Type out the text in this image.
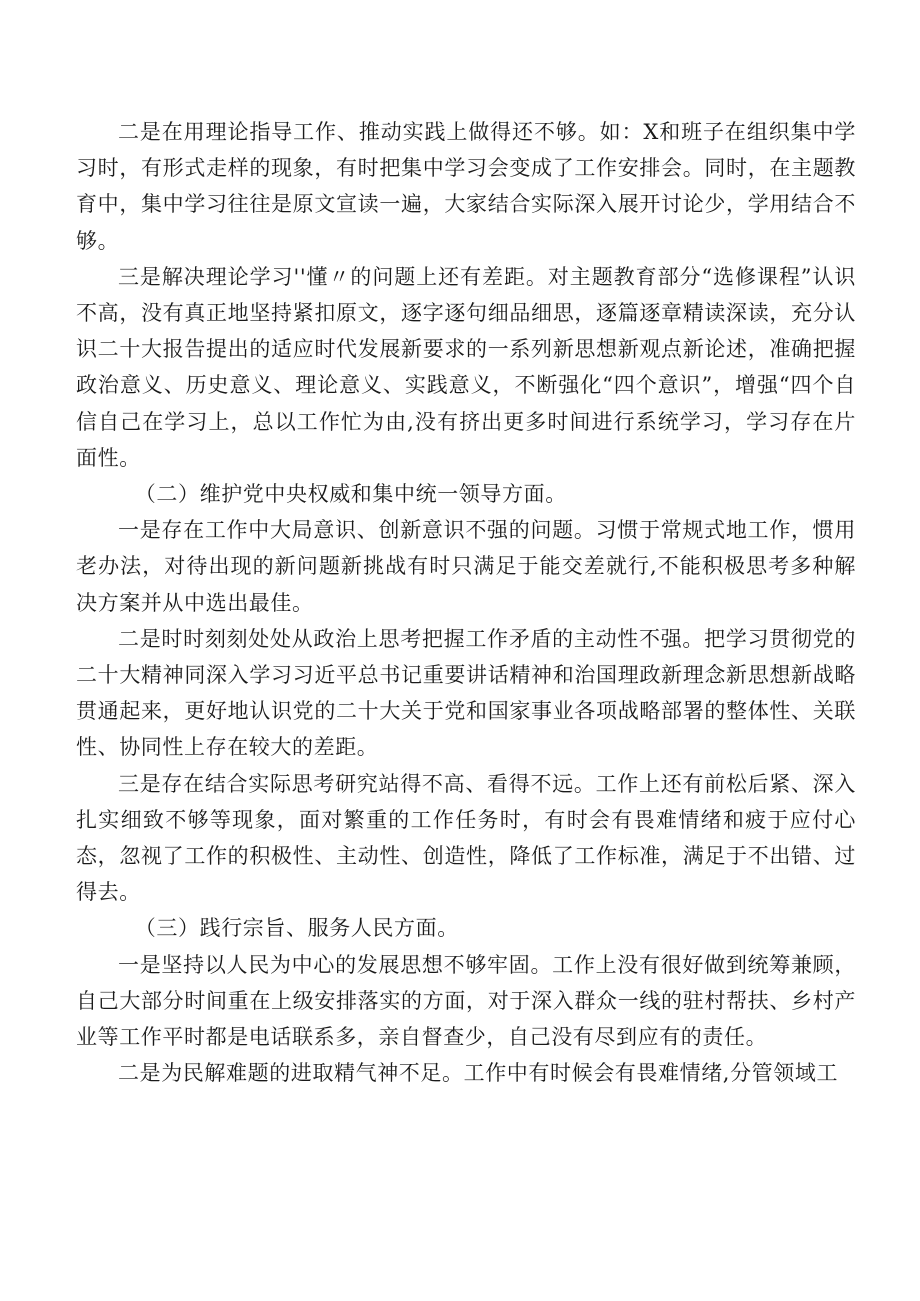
二是在用理论指导工作、推动实践上做得还不够。如：X和班子在组织集中学习时，有形式走样的现象，有时把集中学习会变成了工作安排会。同时，在主题教育中，集中学习往往是原文宣读一遍，大家结合实际深入展开讨论少，学用结合不够。

三是解决理论学习''懂〃的问题上还有差距。对主题教育部分“选修课程”认识不高，没有真正地坚持紧扣原文，逐字逐句细品细思，逐篇逐章精读深读，充分认识二十大报告提出的适应时代发展新要求的一系列新思想新观点新论述，准确把握政治意义、历史意义、理论意义、实践意义，不断强化“四个意识”，增强“四个自信自己在学习上，总以工作忙为由,没有挤出更多时间进行系统学习，学习存在片面性。

（二）维护党中央权威和集中统一领导方面。

一是存在工作中大局意识、创新意识不强的问题。习惯于常规式地工作，惯用老办法，对待出现的新问题新挑战有时只满足于能交差就行,不能积极思考多种解决方案并从中选出最佳。

二是时时刻刻处处从政治上思考把握工作矛盾的主动性不强。把学习贯彻党的二十大精神同深入学习习近平总书记重要讲话精神和治国理政新理念新思想新战略贯通起来，更好地认识党的二十大关于党和国家事业各项战略部署的整体性、关联性、协同性上存在较大的差距。

三是存在结合实际思考研究站得不高、看得不远。工作上还有前松后紧、深入扎实细致不够等现象，面对繁重的工作任务时，有时会有畏难情绪和疲于应付心态，忽视了工作的积极性、主动性、创造性，降低了工作标准，满足于不出错、过得去。

（三）践行宗旨、服务人民方面。

一是坚持以人民为中心的发展思想不够牢固。工作上没有很好做到统筹兼顾，自己大部分时间重在上级安排落实的方面，对于深入群众一线的驻村帮扶、乡村产业等工作平时都是电话联系多，亲自督查少，自己没有尽到应有的责任。

二是为民解难题的进取精气神不足。工作中有时候会有畏难情绪,分管领域工
